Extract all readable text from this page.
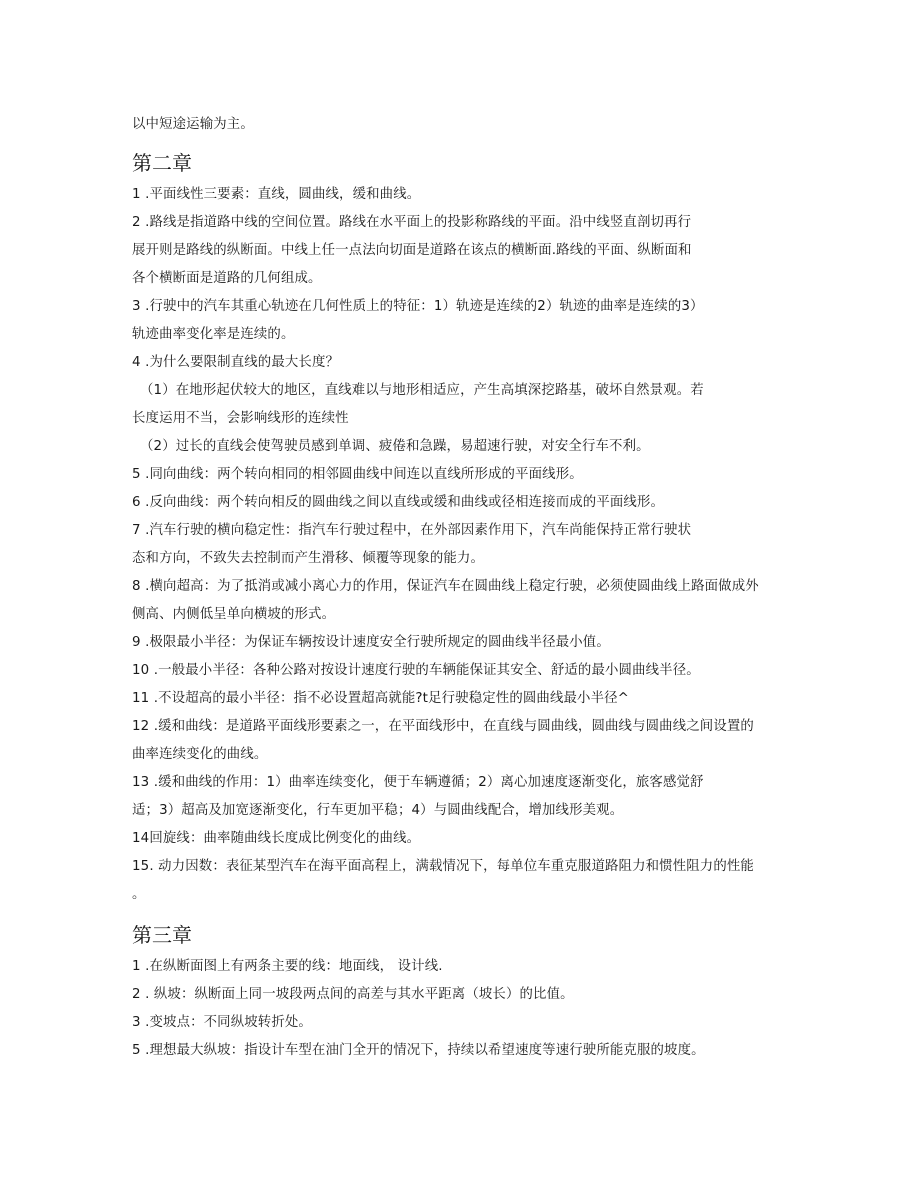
以中短途运输为主。
第二章
1 .平面线性三要素：直线，圆曲线，缓和曲线。
2 .路线是指道路中线的空间位置。路线在水平面上的投影称路线的平面。沿中线竖直剖切再行
展开则是路线的纵断面。中线上任一点法向切面是道路在该点的横断面.路线的平面、纵断面和
各个横断面是道路的几何组成。
3 .行驶中的汽车其重心轨迹在几何性质上的特征：1）轨迹是连续的2）轨迹的曲率是连续的3）
轨迹曲率变化率是连续的。
4 .为什么要限制直线的最大长度？
（1）在地形起伏较大的地区，直线难以与地形相适应，产生高填深挖路基，破坏自然景观。若
长度运用不当，会影响线形的连续性
（2）过长的直线会使驾驶员感到单调、疲倦和急躁，易超速行驶，对安全行车不利。
5 .同向曲线：两个转向相同的相邻圆曲线中间连以直线所形成的平面线形。
6 .反向曲线：两个转向相反的圆曲线之间以直线或缓和曲线或径相连接而成的平面线形。
7 .汽车行驶的横向稳定性：指汽车行驶过程中，在外部因素作用下，汽车尚能保持正常行驶状
态和方向，不致失去控制而产生滑移、倾覆等现象的能力。
8 .横向超高：为了抵消或减小离心力的作用，保证汽车在圆曲线上稳定行驶，必须使圆曲线上路面做成外
侧高、内侧低呈单向横坡的形式。
9 .极限最小半径：为保证车辆按设计速度安全行驶所规定的圆曲线半径最小值。
10 .一般最小半径：各种公路对按设计速度行驶的车辆能保证其安全、舒适的最小圆曲线半径。
11 .不设超高的最小半径：指不必设置超高就能?t足行驶稳定性的圆曲线最小半径^
12 .缓和曲线：是道路平面线形要素之一，在平面线形中，在直线与圆曲线，圆曲线与圆曲线之间设置的
曲率连续变化的曲线。
13 .缓和曲线的作用：1）曲率连续变化，便于车辆遵循；2）离心加速度逐渐变化，旅客感觉舒
适；3）超高及加宽逐渐变化，行车更加平稳；4）与圆曲线配合，增加线形美观。
14回旋线：曲率随曲线长度成比例变化的曲线。
15. 动力因数：表征某型汽车在海平面高程上，满载情况下，每单位车重克服道路阻力和惯性阻力的性能
。
第三章
1 .在纵断面图上有两条主要的线：地面线， 设计线.
2 . 纵坡：纵断面上同一坡段两点间的高差与其水平距离（坡长）的比值。
3 .变坡点：不同纵坡转折处。
5 .理想最大纵坡：指设计车型在油门全开的情况下，持续以希望速度等速行驶所能克服的坡度。
